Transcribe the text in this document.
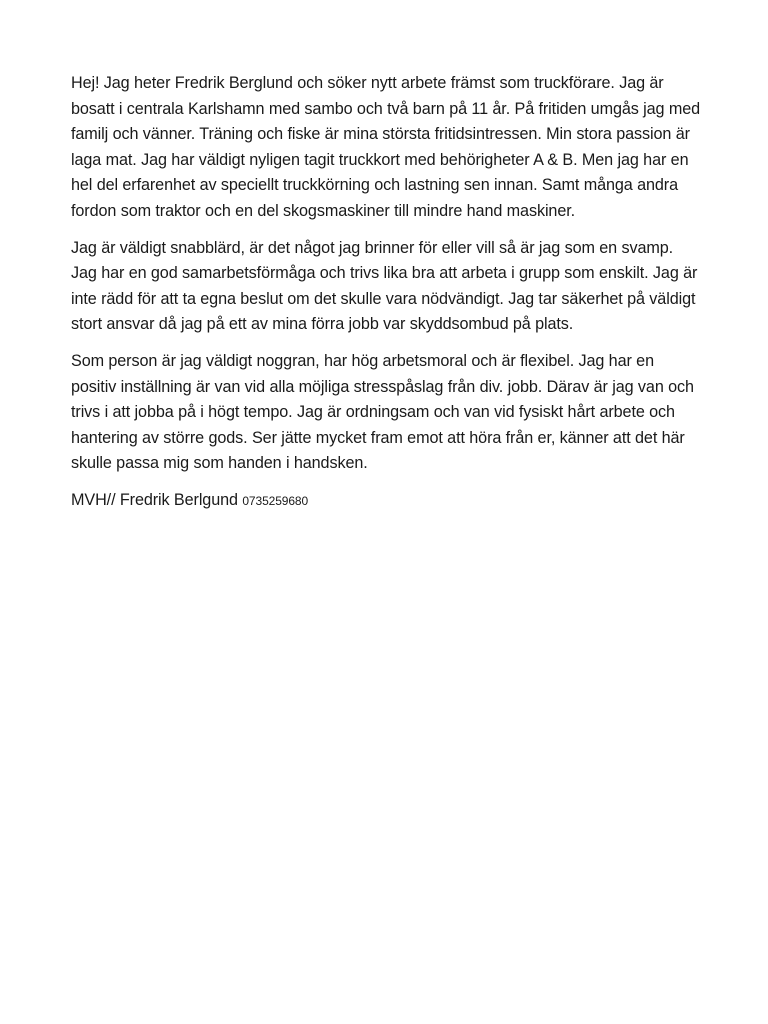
Hej! Jag heter Fredrik Berglund och söker nytt arbete främst som truckförare. Jag är bosatt i centrala Karlshamn med sambo och två barn på 11 år. På fritiden umgås jag med familj och vänner. Träning och fiske är mina största fritidsintressen. Min stora passion är laga mat. Jag har väldigt nyligen tagit truckkort med behörigheter A & B. Men jag har en hel del erfarenhet av speciellt truckkörning och lastning sen innan. Samt många andra fordon som traktor och en del skogsmaskiner till mindre hand maskiner.

Jag är väldigt snabblärd, är det något jag brinner för eller vill så är jag som en svamp. Jag har en god samarbetsförmåga och trivs lika bra att arbeta i grupp som enskilt. Jag är inte rädd för att ta egna beslut om det skulle vara nödvändigt. Jag tar säkerhet på väldigt stort ansvar då jag på ett av mina förra jobb var skyddsombud på plats.

Som person är jag väldigt noggran, har hög arbetsmoral och är flexibel. Jag har en positiv inställning är van vid alla möjliga stresspåslag från div. jobb. Därav är jag van och trivs i att jobba på i högt tempo. Jag är ordningsam och van vid fysiskt hårt arbete och hantering av större gods. Ser jätte mycket fram emot att höra från er, känner att det här skulle passa mig som handen i handsken.

MVH// Fredrik Berlgund 0735259680
